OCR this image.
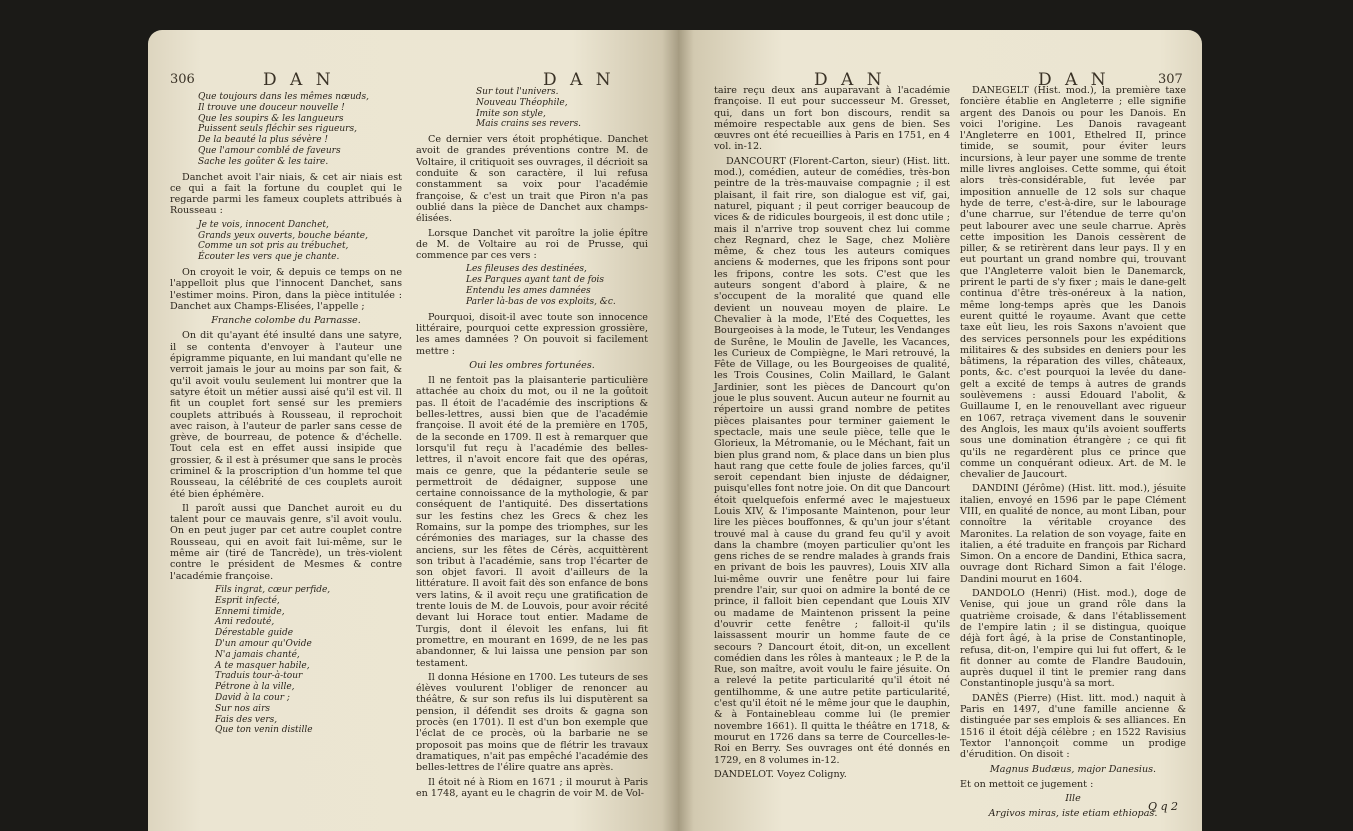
306	D A N	D A N
Que toujours dans les mêmes nœuds,
Il trouve une douceur nouvelle !
Que les soupirs & les langueurs
Puissent seuls fléchir ses rigueurs,
De la beauté la plus sévère !
Que l'amour comblé de faveurs
Sache les goûter & les taire.

Danchet avoit l'air niais, & cet air niais est ce qui a fait la fortune du couplet qui le regarde parmi les fameux couplets attribués à Rousseau :

Je te vois, innocent Danchet,
Grands yeux ouverts, bouche béante,
Comme un sot pris au trébuchet,
Écouter les vers que je chante.

On croyoit le voir, & depuis ce temps on ne l'appelloit plus que l'innocent Danchet, sans l'estimer moins. Piron, dans la pièce intitulée : Danchet aux Champs-Elisées, l'appelle ;

Franche colombe du Parnasse.

On dit qu'ayant été insulté dans une satyre, il se contenta d'envoyer à l'auteur une épigramme piquante, en lui mandant qu'elle ne verroit jamais le jour au moins par son fait, & qu'il avoit voulu seulement lui montrer que la satyre étoit un métier aussi aisé qu'il est vil. Il fit un couplet fort sensé sur les premiers couplets attribués à Rousseau, il reprochoit avec raison, à l'auteur de parler sans cesse de grève, de bourreau, de potence & d'échelle. Tout cela est en effet aussi insipide que grossier, & il est à présumer que sans le procès criminel & la proscription d'un homme tel que Rousseau, la célébrité de ces couplets auroit été bien éphémère.

Il paroît aussi que Danchet auroit eu du talent pour ce mauvais genre, s'il avoit voulu. On en peut juger par cet autre couplet contre Rousseau, qui en avoit fait lui-même, sur le même air (tiré de Tancrède), un très-violent contre le président de Mesmes & contre l'académie françoise.

Fils ingrat, cœur perfide,
Esprit infecté,
Ennemi timide,
Ami redouté,
Dérestable guide
D'un amour qu'Ovide
N'a jamais chanté,
A te masquer habile,
Traduis tour-à-tour
Pétrone à la ville,
David à la cour ;
Sur nos airs
Fais des vers,
Que ton venin distille
Sur tout l'univers.
Nouveau Théophile,
Imite son style,
Mais crains ses revers.

Ce dernier vers étoit prophétique. Danchet avoit de grandes préventions contre M. de Voltaire, il critiquoit ses ouvrages, il décrioit sa conduite & son caractère, il lui refusa constamment sa voix pour l'académie françoise, & c'est un trait que Piron n'a pas oublié dans la pièce de Danchet aux champs-élisées.

Lorsque Danchet vit paroître la jolie épître de M. de Voltaire au roi de Prusse, qui commence par ces vers :

Les fileuses des destinées,
Les Parques ayant tant de fois
Entendu les ames damnées
Parler là-bas de vos exploits, &c.

Pourquoi, disoit-il avec toute son innocence littéraire, pourquoi cette expression grossière, les ames damnées ? On pouvoit si facilement mettre :

Oui les ombres fortunées.

Il ne fentoit pas la plaisanterie particulière attachée au choix du mot, ou il ne la goûtoit pas. Il étoit de l'académie des inscriptions & belles-lettres, aussi bien que de l'académie françoise. Il avoit été de la première en 1705, de la seconde en 1709. Il est à remarquer que lorsqu'il fut reçu à l'académie des belles-lettres, il n'avoit encore fait que des opéras, mais ce genre, que la pédanterie seule se permettroit de dédaigner, suppose une certaine connoissance de la mythologie, & par conséquent de l'antiquité. Des dissertations sur les festins chez les Grecs & chez les Romains, sur la pompe des triomphes, sur les cérémonies des mariages, sur la chasse des anciens, sur les fêtes de Cérès, acquittèrent son tribut à l'académie, sans trop l'écarter de son objet favori. Il avoit d'ailleurs de la littérature. Il avoit fait dès son enfance de bons vers latins, & il avoit reçu une gratification de trente louis de M. de Louvois, pour avoir récité devant lui Horace tout entier. Madame de Turgis, dont il élevoit les enfans, lui fit promettre, en mourant en 1699, de ne les pas abandonner, & lui laissa une pension par son testament.

Il donna Hésione en 1700. Les tuteurs de ses élèves voulurent l'obliger de renoncer au théâtre, & sur son refus ils lui disputèrent sa pension, il défendit ses droits & gagna son procès (en 1701). Il est d'un bon exemple que l'éclat de ce procès, où la barbarie ne se proposoit pas moins que de flétrir les travaux dramatiques, n'ait pas empêché l'académie des belles-lettres de l'élire quatre ans après.

Il étoit né à Riom en 1671 ; il mourut à Paris en 1748, ayant eu le chagrin de voir M. de Vol-

D A N	D A N	307

taire reçu deux ans auparavant à l'académie françoise. Il eut pour successeur M. Gresset, qui, dans un fort bon discours, rendit sa mémoire respectable aux gens de bien. Ses œuvres ont été recueillies à Paris en 1751, en 4 vol. in-12.

DANCOURT (Florent-Carton, sieur) (Hist. litt. mod.), comédien, auteur de comédies, très-bon peintre de la très-mauvaise compagnie ; il est plaisant, il fait rire, son dialogue est vif, gai, naturel, piquant ; il peut corriger beaucoup de vices & de ridicules bourgeois, il est donc utile ; mais il n'arrive trop souvent chez lui comme chez Regnard, chez le Sage, chez Molière même, & chez tous les auteurs comiques anciens & modernes, que les fripons sont pour les fripons, contre les sots. C'est que les auteurs songent d'abord à plaire, & ne s'occupent de la moralité que quand elle devient un nouveau moyen de plaire. Le Chevalier à la mode, l'Eté des Coquettes, les Bourgeoises à la mode, le Tuteur, les Vendanges de Surêne, le Moulin de Javelle, les Vacances, les Curieux de Compiègne, le Mari retrouvé, la Fête de Village, ou les Bourgeoises de qualité, les Trois Cousines, Colin Maillard, le Galant Jardinier, sont les pièces de Dancourt qu'on joue le plus souvent. Aucun auteur ne fournit au répertoire un aussi grand nombre de petites pièces plaisantes pour terminer gaiement le spectacle, mais une seule pièce, telle que le Glorieux, la Métromanie, ou le Méchant, fait un bien plus grand nom, & place dans un bien plus haut rang que cette foule de jolies farces, qu'il seroit cependant bien injuste de dédaigner, puisqu'elles font notre joie. On dit que Dancourt étoit quelquefois enfermé avec le majestueux Louis XIV, & l'imposante Maintenon, pour leur lire les pièces bouffonnes, & qu'un jour s'étant trouvé mal à cause du grand feu qu'il y avoit dans la chambre (moyen particulier qu'ont les gens riches de se rendre malades à grands frais en privant de bois les pauvres), Louis XIV alla lui-même ouvrir une fenêtre pour lui faire prendre l'air, sur quoi on admire la bonté de ce prince, il falloit bien cependant que Louis XIV ou madame de Maintenon prissent la peine d'ouvrir cette fenêtre ; falloit-il qu'ils laissassent mourir un homme faute de ce secours ? Dancourt étoit, dit-on, un excellent comédien dans les rôles à manteaux ; le P. de la Rue, son maître, avoit voulu le faire jésuite. On a relevé la petite particularité qu'il étoit né gentilhomme, & une autre petite particularité, c'est qu'il étoit né le même jour que le dauphin, & à Fontainebleau comme lui (le premier novembre 1661). Il quitta le théâtre en 1718, & mourut en 1726 dans sa terre de Courcelles-le-Roi en Berry. Ses ouvrages ont été donnés en 1729, en 8 volumes in-12.

DANDELOT. Voyez Coligny.

DANEGELT (Hist. mod.), la première taxe foncière établie en Angleterre ; elle signifie argent des Danois ou pour les Danois. En voici l'origine. Les Danois ravageant l'Angleterre en 1001, Ethelred II, prince timide, se soumit, pour éviter leurs incursions, à leur payer une somme de trente mille livres angloises. Cette somme, qui étoit alors très-considérable, fut levée par imposition annuelle de 12 sols sur chaque hyde de terre, c'est-à-dire, sur le labourage d'une charrue, sur l'étendue de terre qu'on peut labourer avec une seule charrue. Après cette imposition les Danois cessèrent de piller, & se retirèrent dans leur pays. Il y en eut pourtant un grand nombre qui, trouvant que l'Angleterre valoit bien le Danemarck, prirent le parti de s'y fixer ; mais le dane-gelt continua d'être très-onéreux à la nation, même long-temps après que les Danois eurent quitté le royaume. Avant que cette taxe eût lieu, les rois Saxons n'avoient que des services personnels pour les expéditions militaires & des subsides en deniers pour les bâtimens, la réparation des villes, châteaux, ponts, &c. c'est pourquoi la levée du dane-gelt a excité de temps à autres de grands soulèvemens : aussi Edouard l'abolit, & Guillaume I, en le renouvellant avec rigueur en 1067, retraça vivement dans le souvenir des Anglois, les maux qu'ils avoient soufferts sous une domination étrangère ; ce qui fit qu'ils ne regardèrent plus ce prince que comme un conquérant odieux. Art. de M. le chevalier de Jaucourt.

DANDINI (Jérôme) (Hist. litt. mod.), jésuite italien, envoyé en 1596 par le pape Clément VIII, en qualité de nonce, au mont Liban, pour connoître la véritable croyance des Maronites. La relation de son voyage, faite en italien, a été traduite en françois par Richard Simon. On a encore de Dandini, Ethica sacra, ouvrage dont Richard Simon a fait l'éloge. Dandini mourut en 1604.

DANDOLO (Henri) (Hist. mod.), doge de Venise, qui joue un grand rôle dans la quatrième croisade, & dans l'établissement de l'empire latin ; il se distingua, quoique déjà fort âgé, à la prise de Constantinople, refusa, dit-on, l'empire qui lui fut offert, & le fit donner au comte de Flandre Baudouin, auprès duquel il tint le premier rang dans Constantinople jusqu'à sa mort.

DANÈS (Pierre) (Hist. litt. mod.) naquit à Paris en 1497, d'une famille ancienne & distinguée par ses emplois & ses alliances. En 1516 il étoit déjà célèbre ; en 1522 Ravisius Textor l'annonçoit comme un prodige d'érudition. On disoit :

Magnus Budæus, major Danesius.

Et on mettoit ce jugement :

Ille
Argivos miras, iste etiam ethiopas.
Q q 2
